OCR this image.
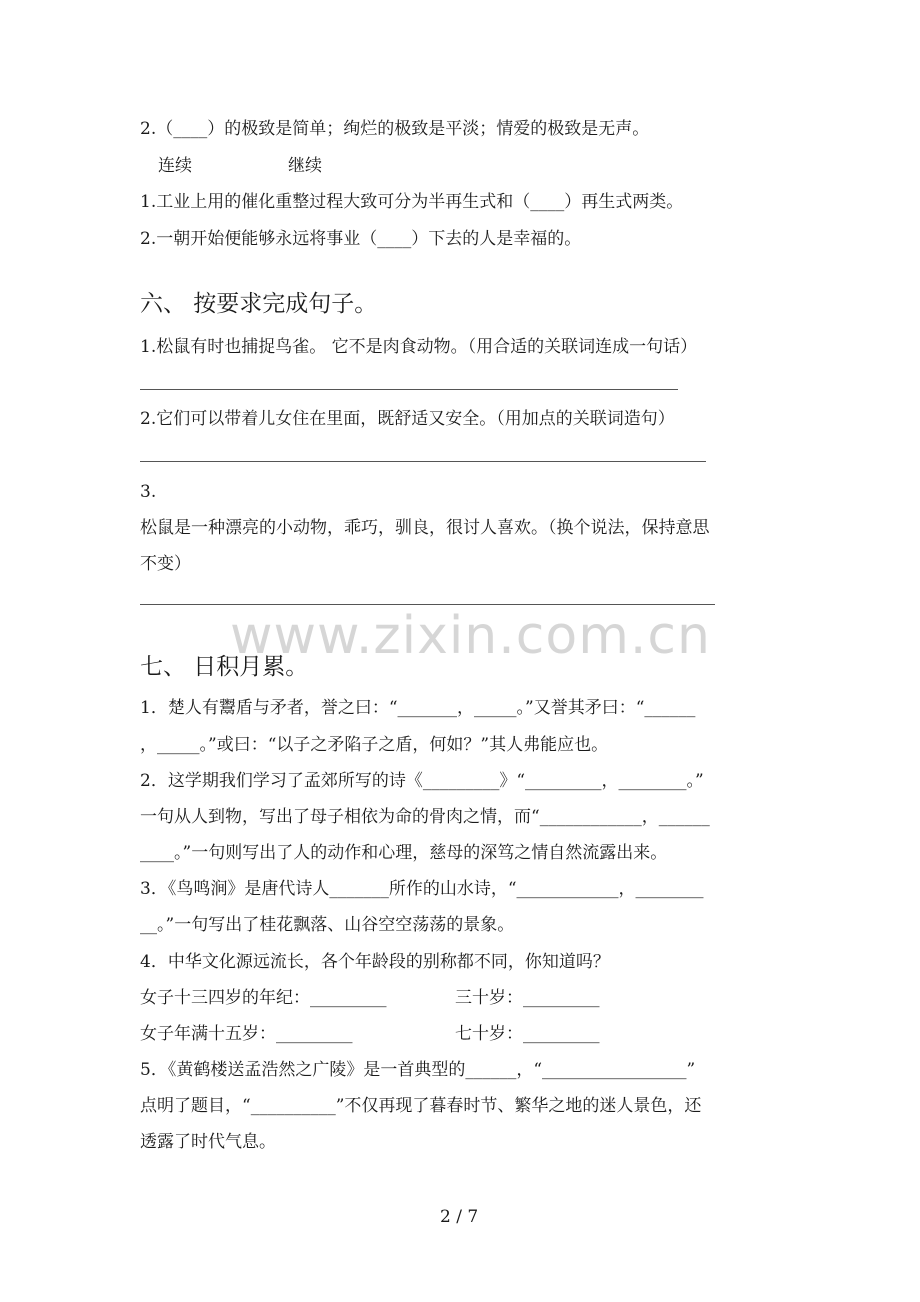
2.（____）的极致是简单；绚烂的极致是平淡；情爱的极致是无声。
连续	继续
1.工业上用的催化重整过程大致可分为半再生式和（____）再生式两类。
2.一朝开始便能够永远将事业（____）下去的人是幸福的。
六、 按要求完成句子。
1.松鼠有时也捕捉鸟雀。 它不是肉食动物。（用合适的关联词连成一句话）
2.它们可以带着儿女住在里面，既舒适又安全。（用加点的关联词造句）
3.
松鼠是一种漂亮的小动物，乖巧，驯良，很讨人喜欢。（换个说法，保持意思
不变）
www.zixin.com.cn
七、 日积月累。
1．楚人有鬻盾与矛者，誉之曰：“_______，_____。”又誉其矛曰：“______
，_____。”或曰：“以子之矛陷子之盾，何如？”其人弗能应也。
2．这学期我们学习了孟郊所写的诗《_________》“_________，________。”
一句从人到物，写出了母子相依为命的骨肉之情，而“____________，______
____。”一句则写出了人的动作和心理，慈母的深笃之情自然流露出来。
3．《鸟鸣涧》是唐代诗人_______所作的山水诗，“____________，________
__。”一句写出了桂花飘落、山谷空空荡荡的景象。
4．中华文化源远流长，各个年龄段的别称都不同，你知道吗？
女子十三四岁的年纪：_________	三十岁：_________
女子年满十五岁：_________	七十岁：_________
5．《黄鹤楼送孟浩然之广陵》是一首典型的______，“_________________”
点明了题目，“__________”不仅再现了暮春时节、繁华之地的迷人景色，还
透露了时代气息。
2 / 7
